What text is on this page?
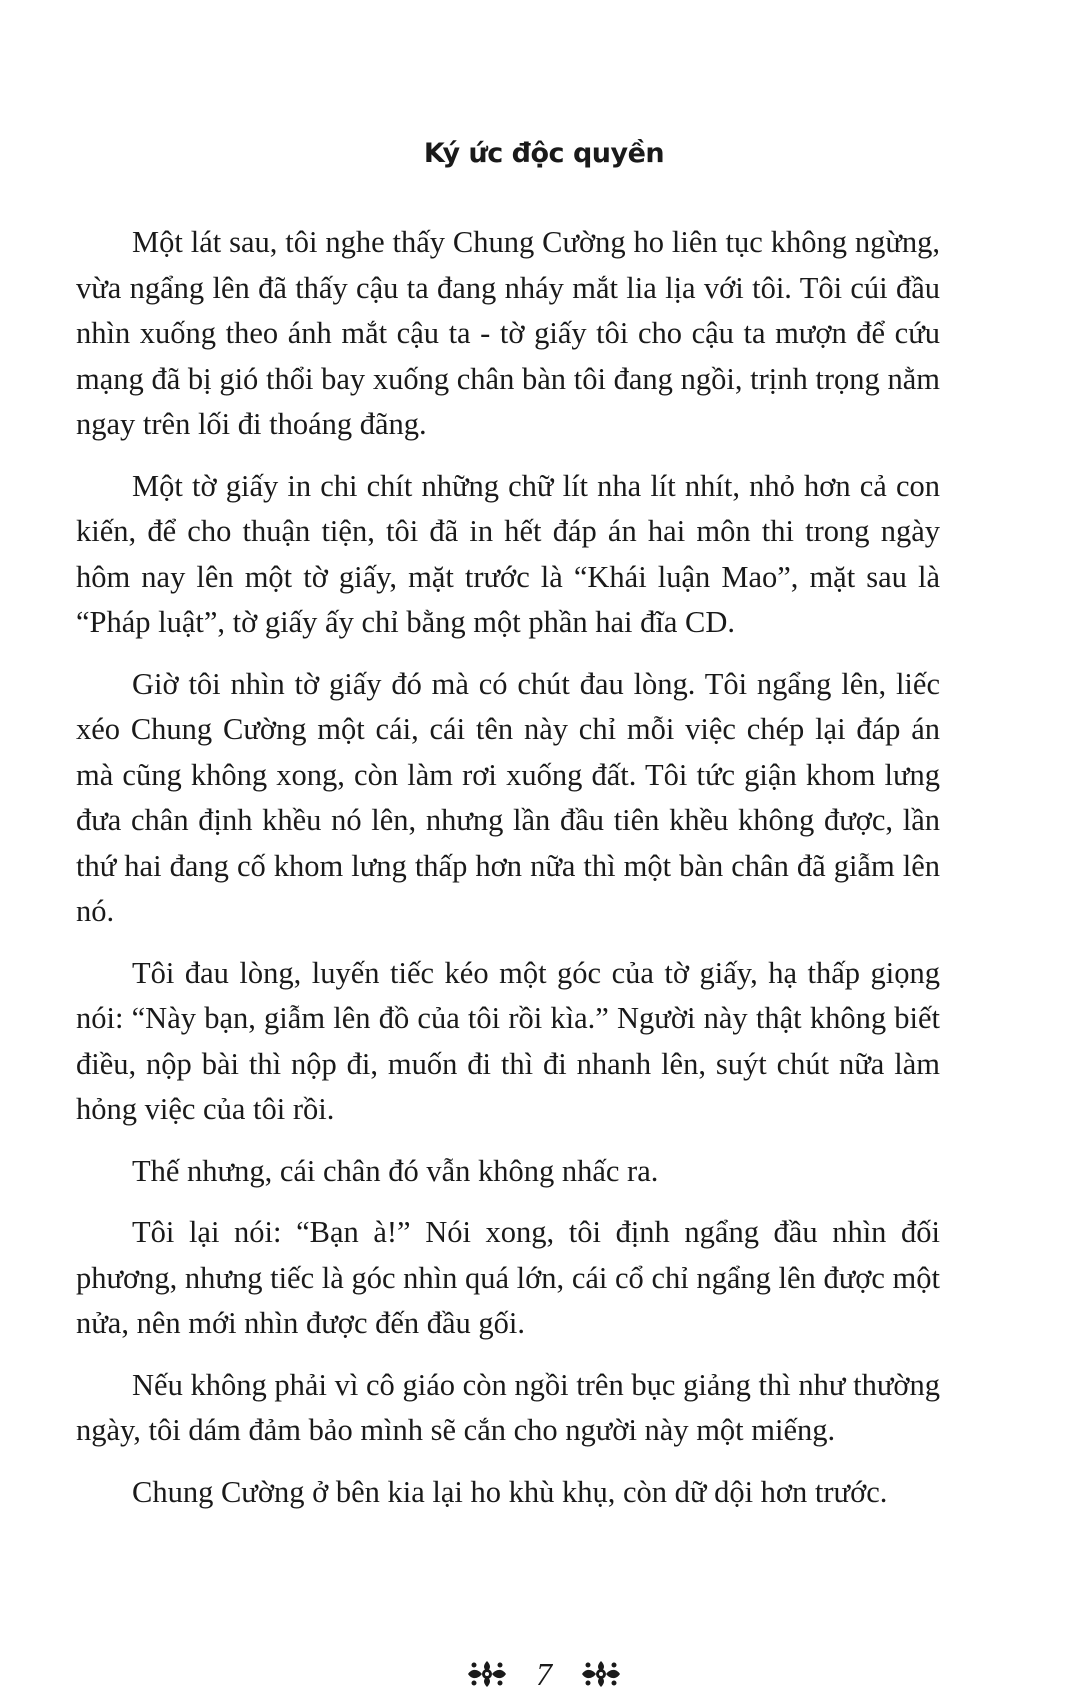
Ký ức độc quyền

Một lát sau, tôi nghe thấy Chung Cường ho liên tục không ngừng, vừa ngẩng lên đã thấy cậu ta đang nháy mắt lia lịa với tôi. Tôi cúi đầu nhìn xuống theo ánh mắt cậu ta - tờ giấy tôi cho cậu ta mượn để cứu mạng đã bị gió thổi bay xuống chân bàn tôi đang ngồi, trịnh trọng nằm ngay trên lối đi thoáng đãng.

Một tờ giấy in chi chít những chữ lít nha lít nhít, nhỏ hơn cả con kiến, để cho thuận tiện, tôi đã in hết đáp án hai môn thi trong ngày hôm nay lên một tờ giấy, mặt trước là “Khái luận Mao”, mặt sau là “Pháp luật”, tờ giấy ấy chỉ bằng một phần hai đĩa CD.

Giờ tôi nhìn tờ giấy đó mà có chút đau lòng. Tôi ngẩng lên, liếc xéo Chung Cường một cái, cái tên này chỉ mỗi việc chép lại đáp án mà cũng không xong, còn làm rơi xuống đất. Tôi tức giận khom lưng đưa chân định khều nó lên, nhưng lần đầu tiên khều không được, lần thứ hai đang cố khom lưng thấp hơn nữa thì một bàn chân đã giẫm lên nó.

Tôi đau lòng, luyến tiếc kéo một góc của tờ giấy, hạ thấp giọng nói: “Này bạn, giẫm lên đồ của tôi rồi kìa.” Người này thật không biết điều, nộp bài thì nộp đi, muốn đi thì đi nhanh lên, suýt chút nữa làm hỏng việc của tôi rồi.

Thế nhưng, cái chân đó vẫn không nhấc ra.

Tôi lại nói: “Bạn à!” Nói xong, tôi định ngẩng đầu nhìn đối phương, nhưng tiếc là góc nhìn quá lớn, cái cổ chỉ ngẩng lên được một nửa, nên mới nhìn được đến đầu gối.

Nếu không phải vì cô giáo còn ngồi trên bục giảng thì như thường ngày, tôi dám đảm bảo mình sẽ cắn cho người này một miếng.

Chung Cường ở bên kia lại ho khù khụ, còn dữ dội hơn trước.

7
